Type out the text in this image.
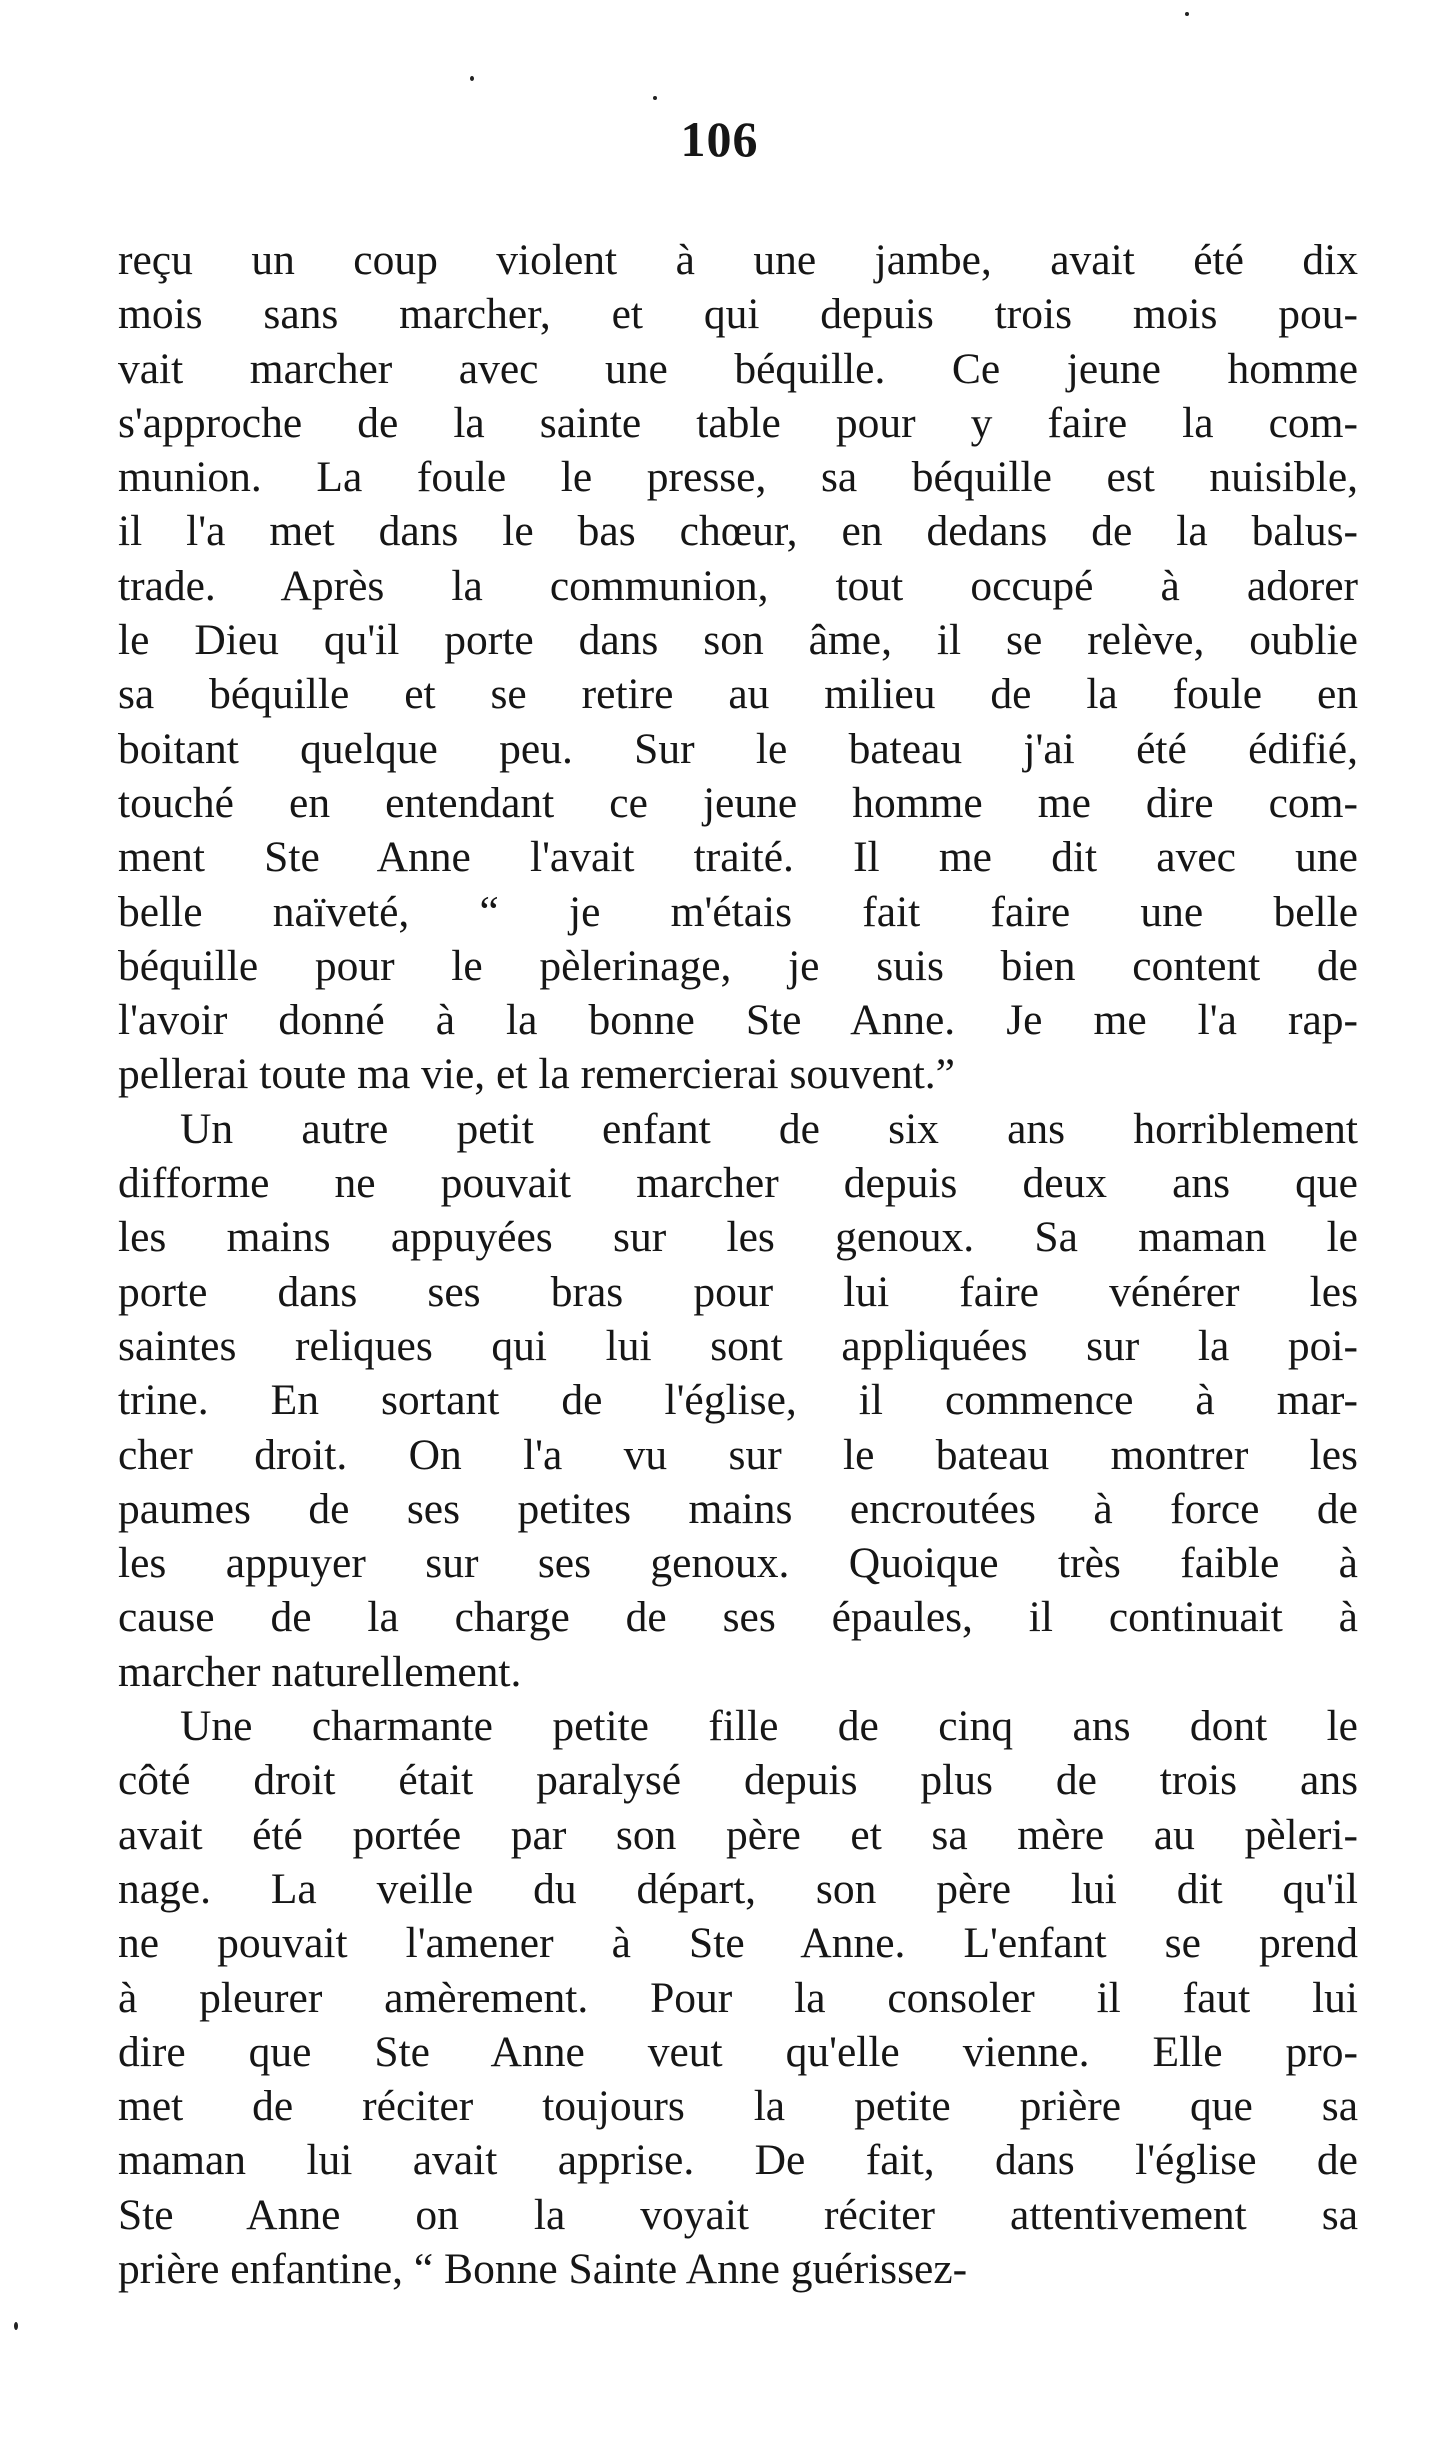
106
reçu un coup violent à une jambe, avait été dix
mois sans marcher, et qui depuis trois mois pou-
vait marcher avec une béquille. Ce jeune homme
s'approche de la sainte table pour y faire la com-
munion. La foule le presse, sa béquille est nuisible,
il l'a met dans le bas chœur, en dedans de la balus-
trade. Après la communion, tout occupé à adorer
le Dieu qu'il porte dans son âme, il se relève, oublie
sa béquille et se retire au milieu de la foule en
boitant quelque peu. Sur le bateau j'ai été édifié,
touché en entendant ce jeune homme me dire com-
ment Ste Anne l'avait traité. Il me dit avec une
belle naïveté, “ je m'étais fait faire une belle
béquille pour le pèlerinage, je suis bien content de
l'avoir donné à la bonne Ste Anne. Je me l'a rap-
pellerai toute ma vie, et la remercierai souvent.”
Un autre petit enfant de six ans horriblement
difforme ne pouvait marcher depuis deux ans que
les mains appuyées sur les genoux. Sa maman le
porte dans ses bras pour lui faire vénérer les
saintes reliques qui lui sont appliquées sur la poi-
trine. En sortant de l'église, il commence à mar-
cher droit. On l'a vu sur le bateau montrer les
paumes de ses petites mains encroutées à force de
les appuyer sur ses genoux. Quoique très faible à
cause de la charge de ses épaules, il continuait à
marcher naturellement.
Une charmante petite fille de cinq ans dont le
côté droit était paralysé depuis plus de trois ans
avait été portée par son père et sa mère au pèleri-
nage. La veille du départ, son père lui dit qu'il
ne pouvait l'amener à Ste Anne. L'enfant se prend
à pleurer amèrement. Pour la consoler il faut lui
dire que Ste Anne veut qu'elle vienne. Elle pro-
met de réciter toujours la petite prière que sa
maman lui avait apprise. De fait, dans l'église de
Ste Anne on la voyait réciter attentivement sa
prière enfantine, “ Bonne Sainte Anne guérissez-
